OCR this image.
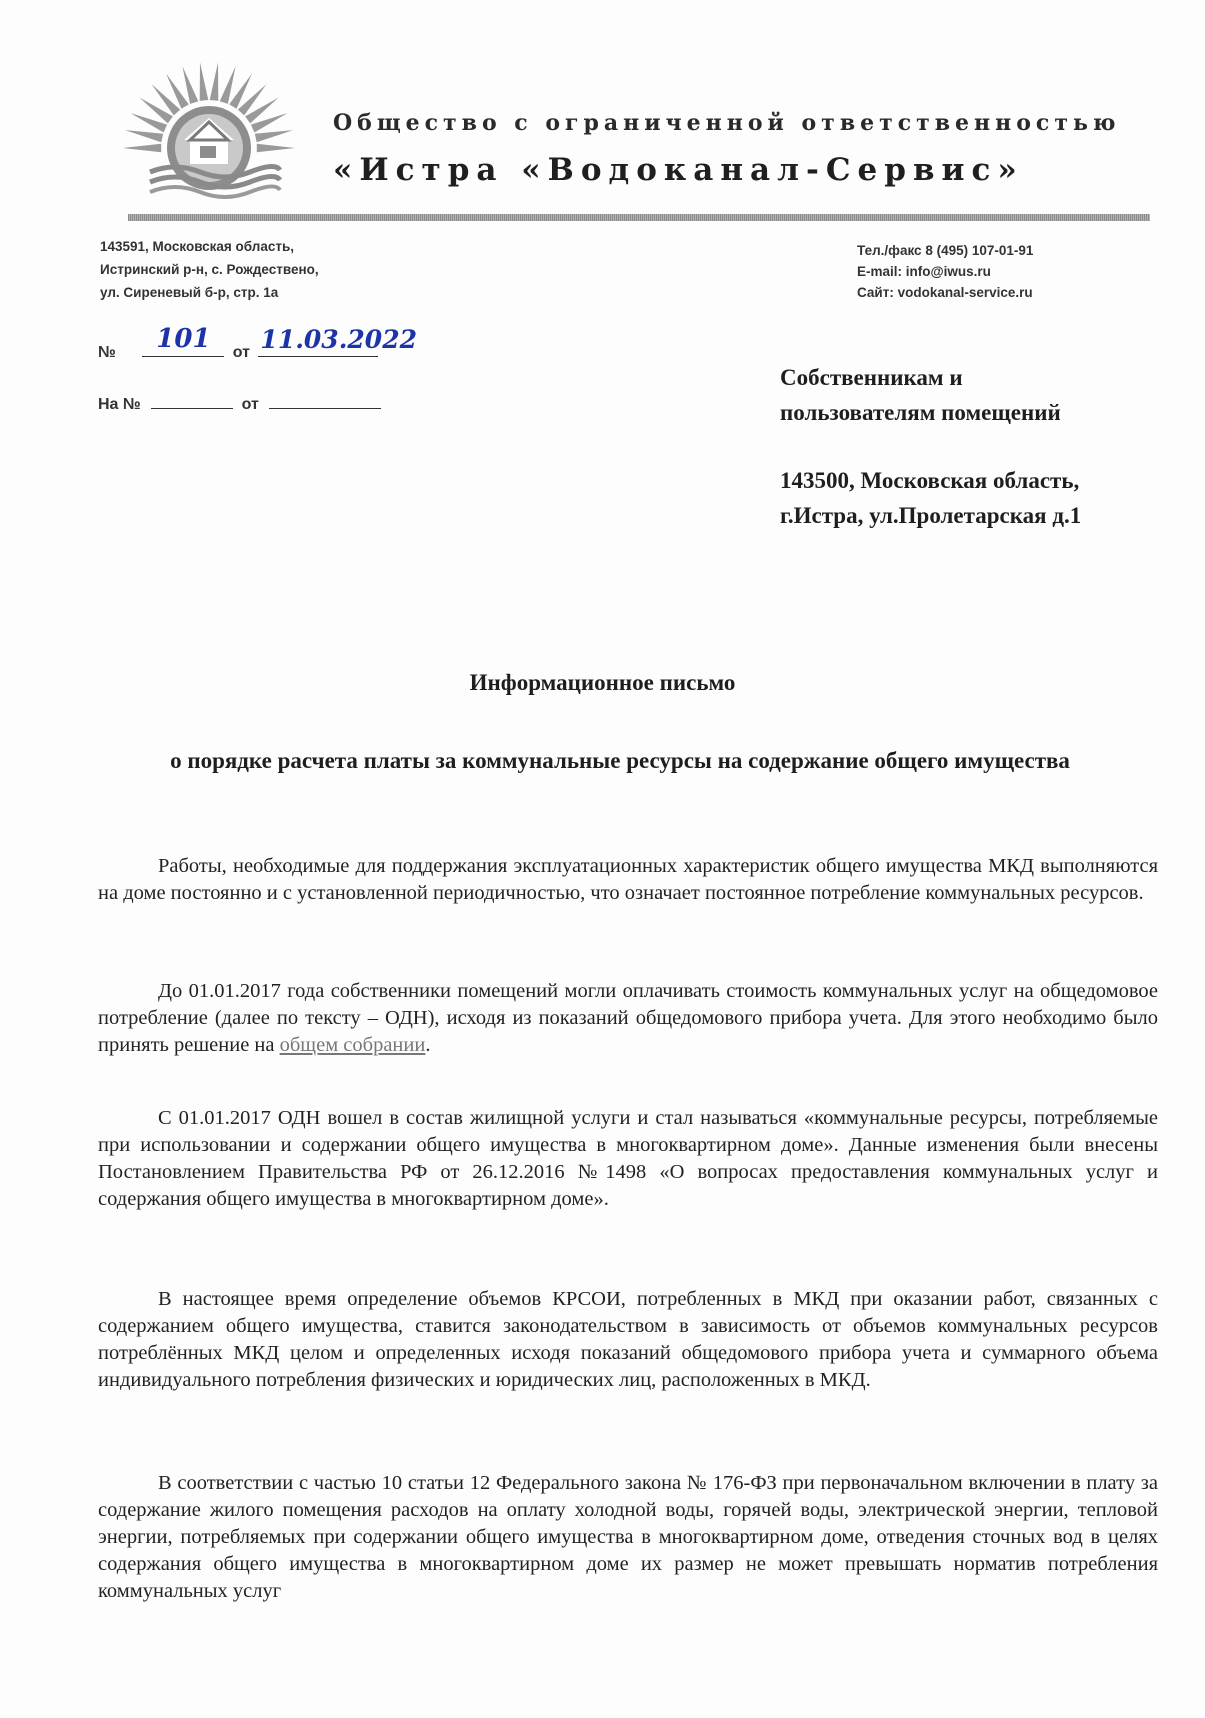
Общество с ограниченной ответственностью
«Истра «Водоканал-Сервис»
143591, Московская область,
Истринский р-н, с. Рождествено,
ул. Сиреневый б-р, стр. 1а
Тел./факс 8 (495) 107-01-91
E-mail: info@iwus.ru
Сайт: vodokanal-service.ru
№ 101 от 11.03.2022
На №	от
Собственникам и
пользователям помещений
143500, Московская область,
г.Истра, ул.Пролетарская д.1
Информационное письмо
о порядке расчета платы за коммунальные ресурсы на содержание общего имущества

Работы, необходимые для поддержания эксплуатационных характеристик общего имущества МКД выполняются на доме постоянно и с установленной периодичностью, что означает постоянное потребление коммунальных ресурсов.

До 01.01.2017 года собственники помещений могли оплачивать стоимость коммунальных услуг на общедомовое потребление (далее по тексту – ОДН), исходя из показаний общедомового прибора учета. Для этого необходимо было принять решение на общем собрании.

С 01.01.2017 ОДН вошел в состав жилищной услуги и стал называться «коммунальные ресурсы, потребляемые при использовании и содержании общего имущества в многоквартирном доме». Данные изменения были внесены Постановлением Правительства РФ от 26.12.2016 №1498 «О вопросах предоставления коммунальных услуг и содержания общего имущества в многоквартирном доме».

В настоящее время определение объемов КРСОИ, потребленных в МКД при оказании работ, связанных с содержанием общего имущества, ставится законодательством в зависимость от объемов коммунальных ресурсов потреблённых МКД целом и определенных исходя показаний общедомового прибора учета и суммарного объема индивидуального потребления физических и юридических лиц, расположенных в МКД.

В соответствии с частью 10 статьи 12 Федерального закона № 176-ФЗ при первоначальном включении в плату за содержание жилого помещения расходов на оплату холодной воды, горячей воды, электрической энергии, тепловой энергии, потребляемых при содержании общего имущества в многоквартирном доме, отведения сточных вод в целях содержания общего имущества в многоквартирном доме их размер не может превышать норматив потребления коммунальных услуг
